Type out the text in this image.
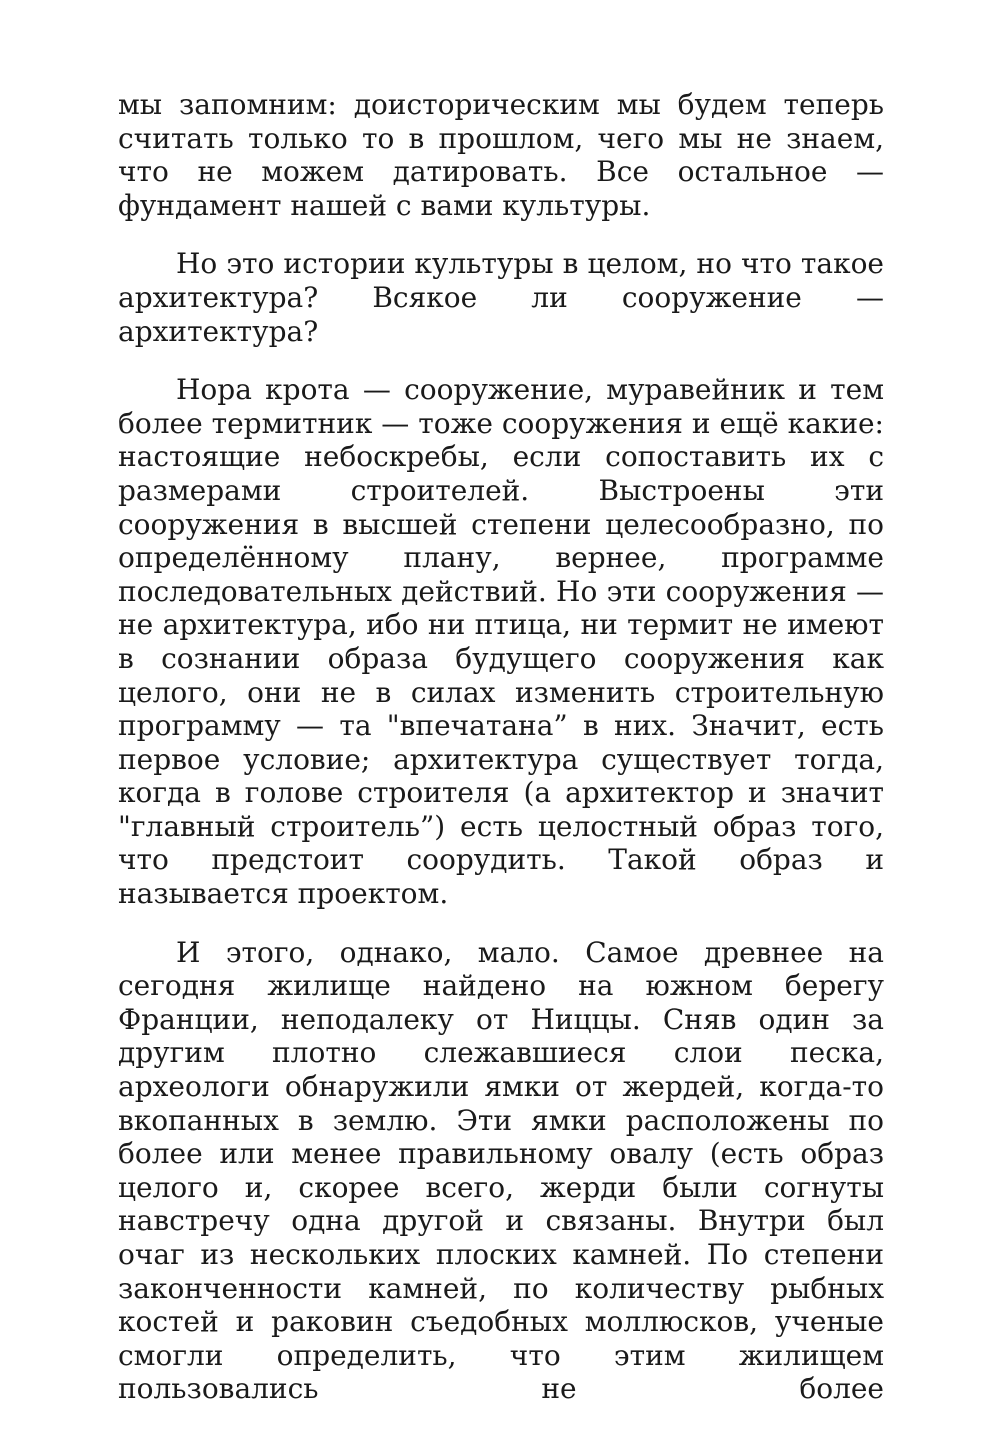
мы запомним: доисторическим мы будем теперь считать только то в прошлом, чего мы не знаем, что не можем датировать. Все остальное — фундамент нашей с вами культуры.

Но это истории культуры в целом, но что такое архитектура? Всякое ли сооружение — архитектура?

Нора крота — сооружение, муравейник и тем более термитник — тоже сооружения и ещё какие: настоящие небоскребы, если сопоставить их с размерами строителей. Выстроены эти сооружения в высшей степени целесообразно, по определённому плану, вернее, программе последовательных действий. Но эти сооружения — не архитектура, ибо ни птица, ни термит не имеют в сознании образа будущего сооружения как целого, они не в силах изменить строительную программу — та "впечатана” в них. Значит, есть первое условие; архитектура существует тогда, когда в голове строителя (а архитектор и значит "главный строитель”) есть целостный образ того, что предстоит соорудить. Такой образ и называется проектом.

И этого, однако, мало. Самое древнее на сегодня жилище найдено на южном берегу Франции, неподалеку от Ниццы. Сняв один за другим плотно слежавшиеся слои песка, археологи обнаружили ямки от жердей, когда-то вкопанных в землю. Эти ямки расположены по более или менее правильному овалу (есть образ целого и, скорее всего, жерди были согнуты навстречу одна другой и связаны. Внутри был очаг из нескольких плоских камней. По степени законченности камней, по количеству рыбных костей и раковин съедобных моллюсков, ученые смогли определить, что этим жилищем пользовались не более
